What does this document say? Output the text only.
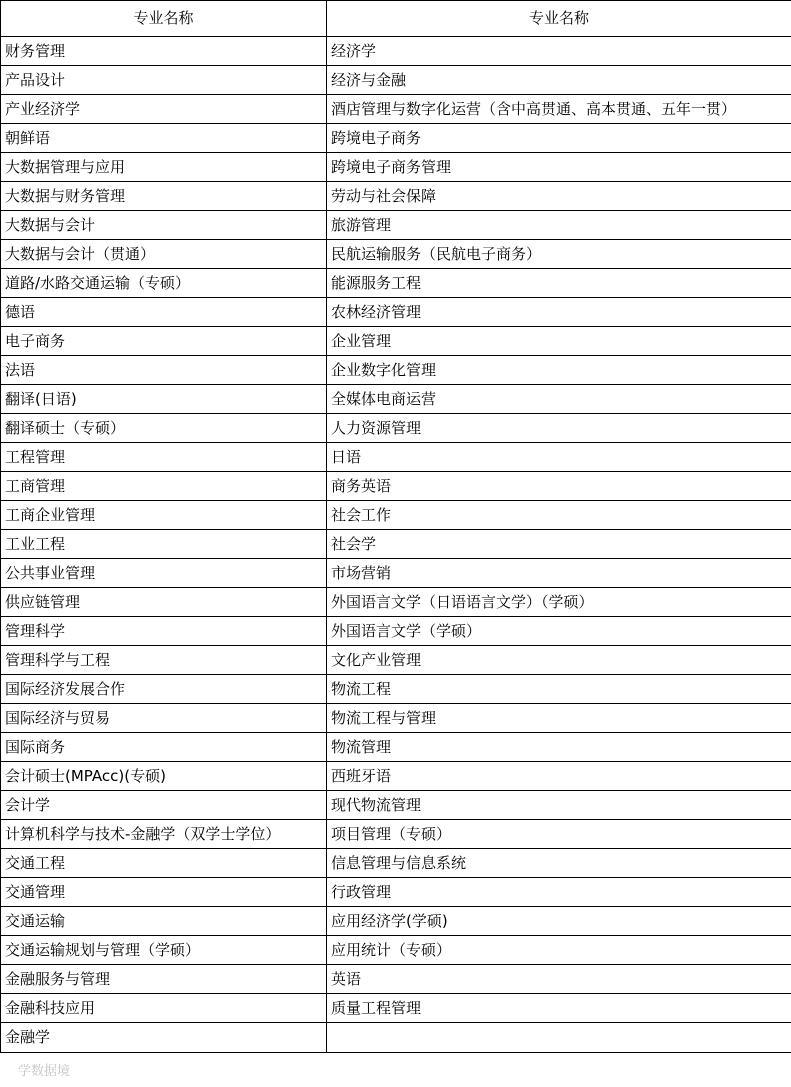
专业名称	专业名称
财务管理	经济学
产品设计	经济与金融
产业经济学	酒店管理与数字化运营（含中高贯通、高本贯通、五年一贯）
朝鲜语	跨境电子商务
大数据管理与应用	跨境电子商务管理
大数据与财务管理	劳动与社会保障
大数据与会计	旅游管理
大数据与会计（贯通）	民航运输服务（民航电子商务）
道路/水路交通运输（专硕）	能源服务工程
德语	农林经济管理
电子商务	企业管理
法语	企业数字化管理
翻译(日语)	全媒体电商运营
翻译硕士（专硕）	人力资源管理
工程管理	日语
工商管理	商务英语
工商企业管理	社会工作
工业工程	社会学
公共事业管理	市场营销
供应链管理	外国语言文学（日语语言文学）（学硕）
管理科学	外国语言文学（学硕）
管理科学与工程	文化产业管理
国际经济发展合作	物流工程
国际经济与贸易	物流工程与管理
国际商务	物流管理
会计硕士(MPAcc)(专硕)	西班牙语
会计学	现代物流管理
计算机科学与技术-金融学（双学士学位）	项目管理（专硕）
交通工程	信息管理与信息系统
交通管理	行政管理
交通运输	应用经济学(学硕)
交通运输规划与管理（学硕）	应用统计（专硕）
金融服务与管理	英语
金融科技应用	质量工程管理
金融学	
学数据境
